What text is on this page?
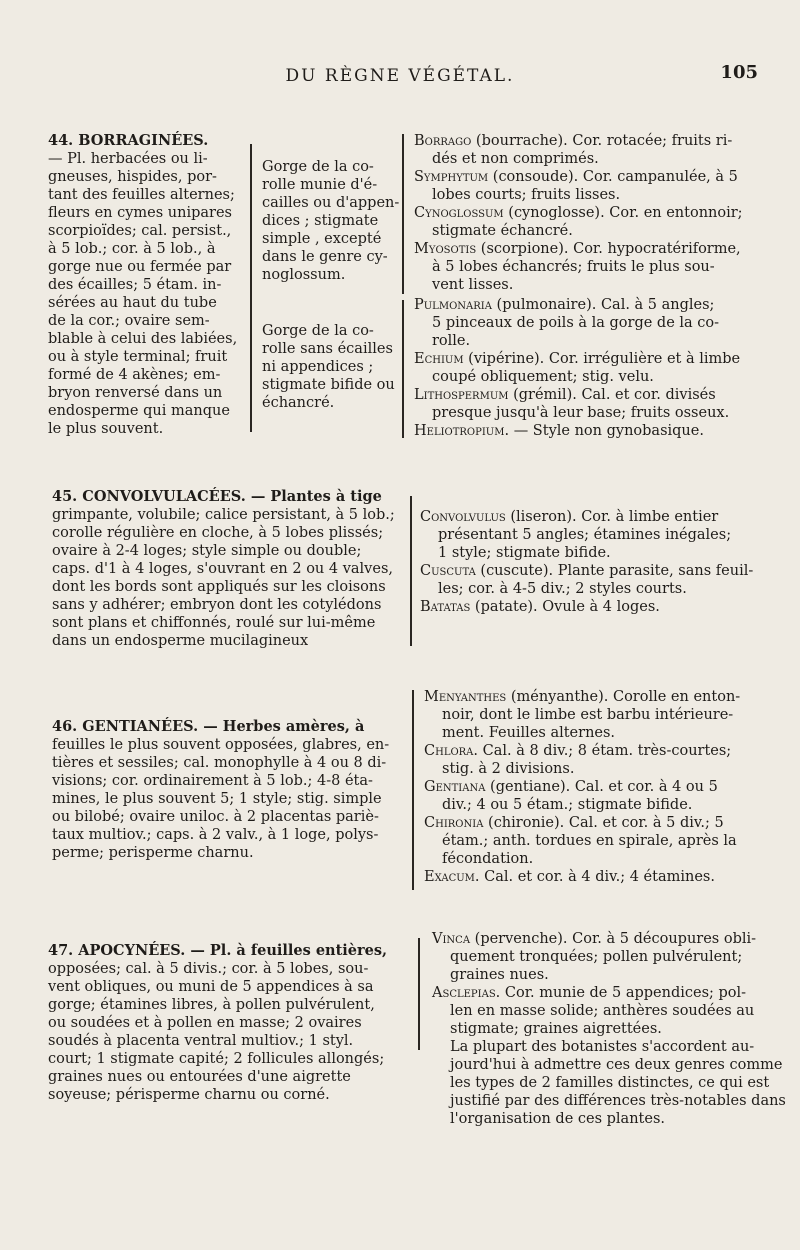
DU RÈGNE VÉGÉTAL.	105
44. BORRAGINÉES.
— Pl. herbacées ou li-
gneuses, hispides, por-
tant des feuilles alternes;
fleurs en cymes unipares
scorpioïdes; cal. persist.,
à 5 lob.; cor. à 5 lob., à
gorge nue ou fermée par
des écailles; 5 étam. in-
sérées au haut du tube
de la cor.; ovaire sem-
blable à celui des labiées,
ou à style terminal; fruit
formé de 4 akènes; em-
bryon renversé dans un
endosperme qui manque
le plus souvent.
Gorge de la co-
rolle munie d'é-
cailles ou d'appen-
dices ; stigmate
simple , excepté
dans le genre cy-
noglossum.
Gorge de la co-
rolle sans écailles
ni appendices ;
stigmate bifide ou
échancré.
Borrago (bourrache). Cor. rotacée; fruits ri-
dés et non comprimés.
Symphytum (consoude). Cor. campanulée, à 5
lobes courts; fruits lisses.
Cynoglossum (cynoglosse). Cor. en entonnoir;
stigmate échancré.
Myosotis (scorpione). Cor. hypocratériforme,
à 5 lobes échancrés; fruits le plus sou-
vent lisses.
Pulmonaria (pulmonaire). Cal. à 5 angles;
5 pinceaux de poils à la gorge de la co-
rolle.
Echium (vipérine). Cor. irrégulière et à limbe
coupé obliquement; stig. velu.
Lithospermum (grémil). Cal. et cor. divisés
presque jusqu'à leur base; fruits osseux.
Heliotropium. — Style non gynobasique.
45. CONVOLVULACÉES. — Plantes à tige
grimpante, volubile; calice persistant, à 5 lob.;
corolle régulière en cloche, à 5 lobes plissés;
ovaire à 2-4 loges; style simple ou double;
caps. d'1 à 4 loges, s'ouvrant en 2 ou 4 valves,
dont les bords sont appliqués sur les cloisons
sans y adhérer; embryon dont les cotylédons
sont plans et chiffonnés, roulé sur lui-même
dans un endosperme mucilagineux
Convolvulus (liseron). Cor. à limbe entier
présentant 5 angles; étamines inégales;
1 style; stigmate bifide.
Cuscuta (cuscute). Plante parasite, sans feuil-
les; cor. à 4-5 div.; 2 styles courts.
Batatas (patate). Ovule à 4 loges.
46. GENTIANÉES. — Herbes amères, à
feuilles le plus souvent opposées, glabres, en-
tières et sessiles; cal. monophylle à 4 ou 8 di-
visions; cor. ordinairement à 5 lob.; 4-8 éta-
mines, le plus souvent 5; 1 style; stig. simple
ou bilobé; ovaire uniloc. à 2 placentas pariè-
taux multiov.; caps. à 2 valv., à 1 loge, polys-
perme; perisperme charnu.
Menyanthes (ményanthe). Corolle en enton-
noir, dont le limbe est barbu intérieure-
ment. Feuilles alternes.
Chlora. Cal. à 8 div.; 8 étam. très-courtes;
stig. à 2 divisions.
Gentiana (gentiane). Cal. et cor. à 4 ou 5
div.; 4 ou 5 étam.; stigmate bifide.
Chironia (chironie). Cal. et cor. à 5 div.; 5
étam.; anth. tordues en spirale, après la
fécondation.
Exacum. Cal. et cor. à 4 div.; 4 étamines.
47. APOCYNÉES. — Pl. à feuilles entières,
opposées; cal. à 5 divis.; cor. à 5 lobes, sou-
vent obliques, ou muni de 5 appendices à sa
gorge; étamines libres, à pollen pulvérulent,
ou soudées et à pollen en masse; 2 ovaires
soudés à placenta ventral multiov.; 1 styl.
court; 1 stigmate capité; 2 follicules allongés;
graines nues ou entourées d'une aigrette
soyeuse; périsperme charnu ou corné.
Vinca (pervenche). Cor. à 5 découpures obli-
quement tronquées; pollen pulvérulent;
graines nues.
Asclepias. Cor. munie de 5 appendices; pol-
len en masse solide; anthères soudées au
stigmate; graines aigrettées.
La plupart des botanistes s'accordent au-
jourd'hui à admettre ces deux genres comme
les types de 2 familles distinctes, ce qui est
justifié par des différences très-notables dans
l'organisation de ces plantes.
